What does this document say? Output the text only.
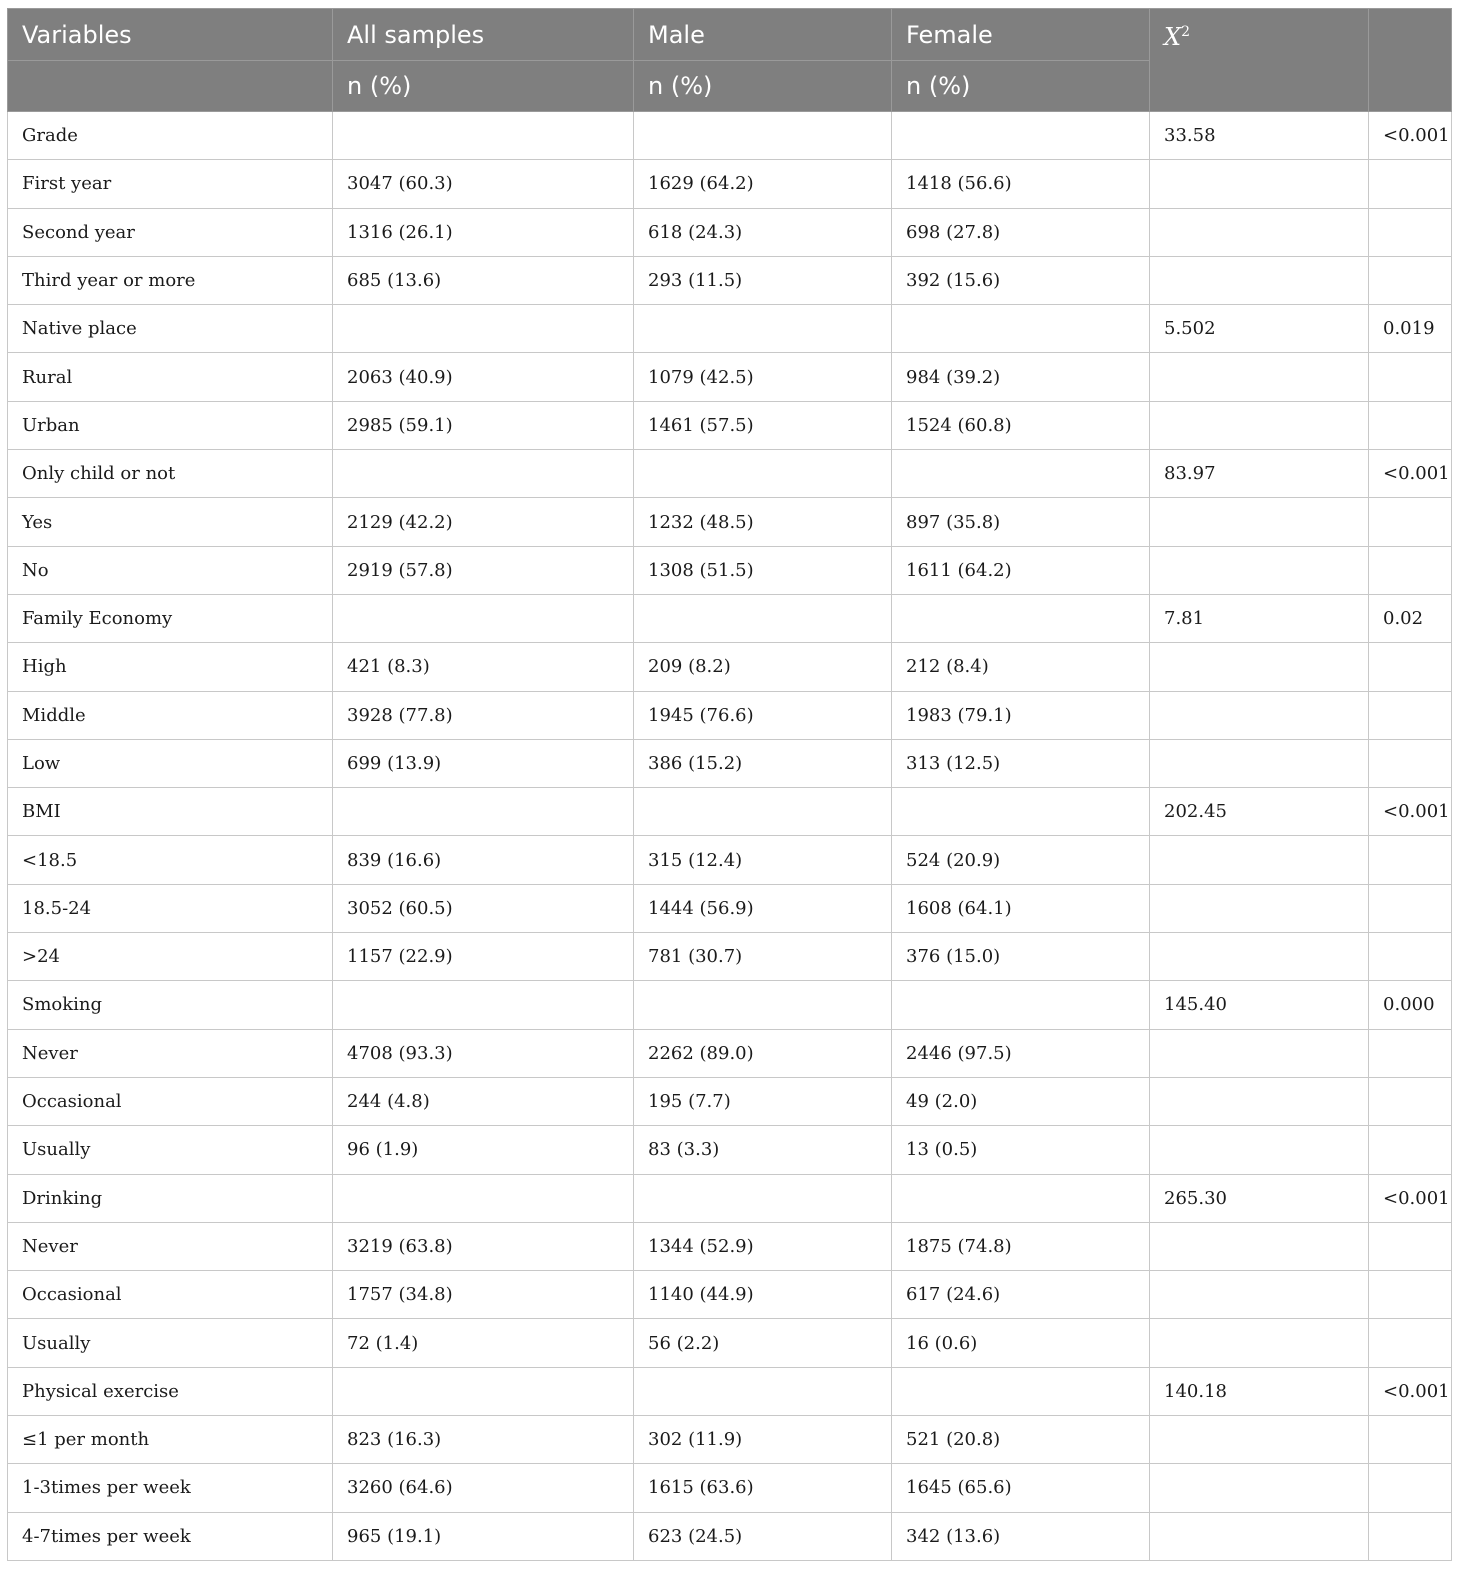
Variables	All samples	Male	Female	$X^2$	
	n (%)	n (%)	n (%)		
Grade				33.58	<0.001
First year	3047 (60.3)	1629 (64.2)	1418 (56.6)		
Second year	1316 (26.1)	618 (24.3)	698 (27.8)		
Third year or more	685 (13.6)	293 (11.5)	392 (15.6)		
Native place				5.502	0.019
Rural	2063 (40.9)	1079 (42.5)	984 (39.2)		
Urban	2985 (59.1)	1461 (57.5)	1524 (60.8)		
Only child or not				83.97	<0.001
Yes	2129 (42.2)	1232 (48.5)	897 (35.8)		
No	2919 (57.8)	1308 (51.5)	1611 (64.2)		
Family Economy				7.81	0.02
High	421 (8.3)	209 (8.2)	212 (8.4)		
Middle	3928 (77.8)	1945 (76.6)	1983 (79.1)		
Low	699 (13.9)	386 (15.2)	313 (12.5)		
BMI				202.45	<0.001
<18.5	839 (16.6)	315 (12.4)	524 (20.9)		
18.5-24	3052 (60.5)	1444 (56.9)	1608 (64.1)		
>24	1157 (22.9)	781 (30.7)	376 (15.0)		
Smoking				145.40	0.000
Never	4708 (93.3)	2262 (89.0)	2446 (97.5)		
Occasional	244 (4.8)	195 (7.7)	49 (2.0)		
Usually	96 (1.9)	83 (3.3)	13 (0.5)		
Drinking				265.30	<0.001
Never	3219 (63.8)	1344 (52.9)	1875 (74.8)		
Occasional	1757 (34.8)	1140 (44.9)	617 (24.6)		
Usually	72 (1.4)	56 (2.2)	16 (0.6)		
Physical exercise				140.18	<0.001
≤1 per month	823 (16.3)	302 (11.9)	521 (20.8)		
1-3times per week	3260 (64.6)	1615 (63.6)	1645 (65.6)		
4-7times per week	965 (19.1)	623 (24.5)	342 (13.6)		
